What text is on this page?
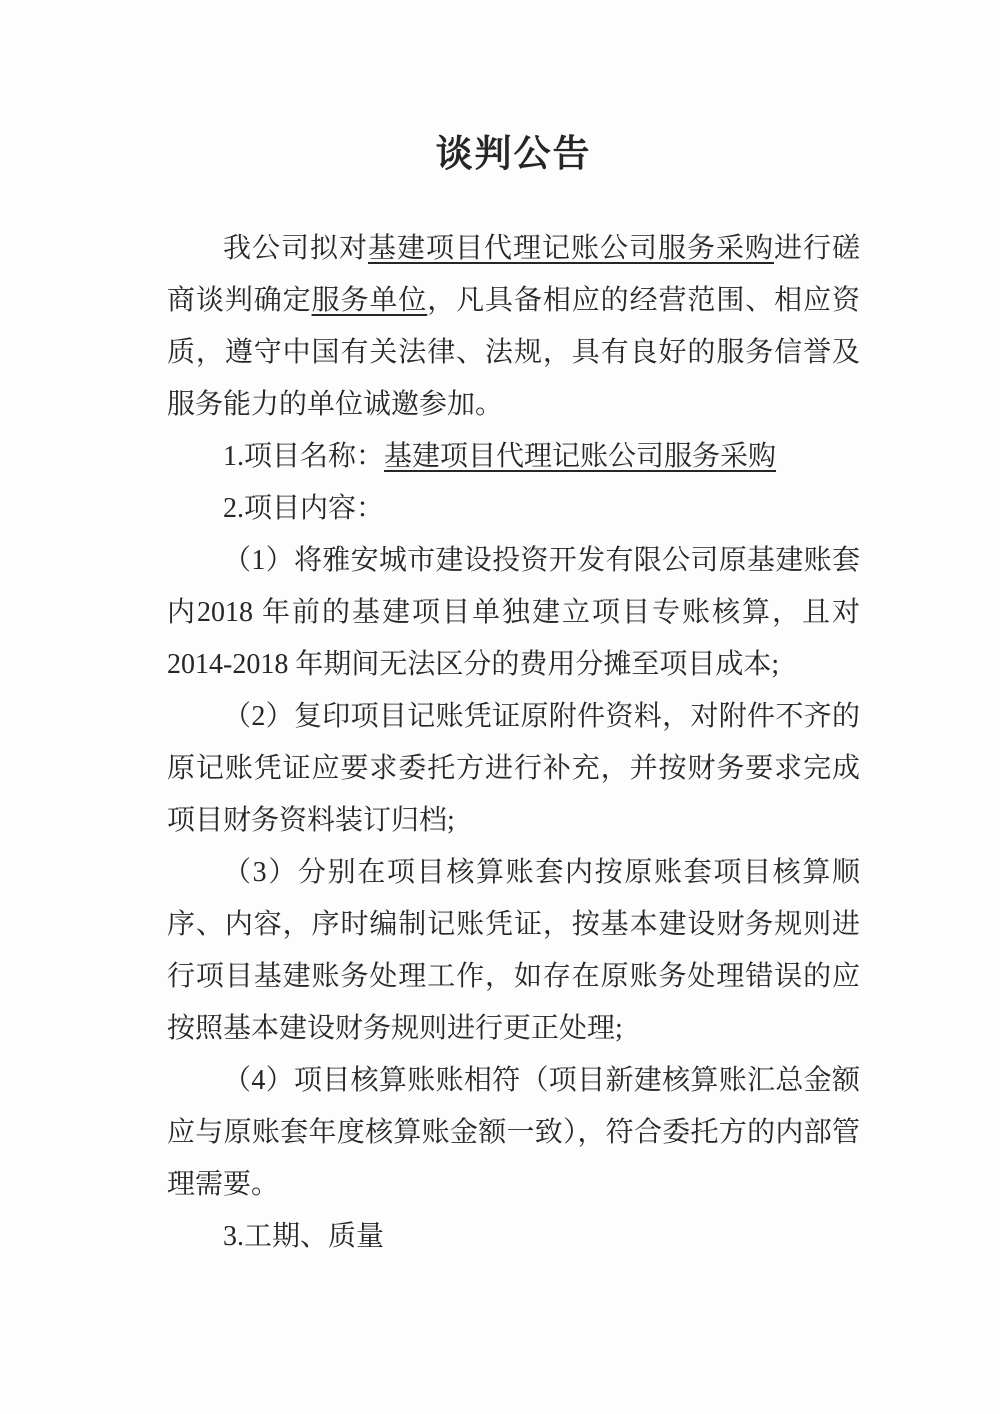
谈判公告

我公司拟对基建项目代理记账公司服务采购进行磋商谈判确定服务单位，凡具备相应的经营范围、相应资质，遵守中国有关法律、法规，具有良好的服务信誉及服务能力的单位诚邀参加。

1.项目名称：基建项目代理记账公司服务采购

2.项目内容：

（1）将雅安城市建设投资开发有限公司原基建账套内2018 年前的基建项目单独建立项目专账核算，且对2014-2018 年期间无法区分的费用分摊至项目成本;

（2）复印项目记账凭证原附件资料，对附件不齐的原记账凭证应要求委托方进行补充，并按财务要求完成项目财务资料装订归档;

（3）分别在项目核算账套内按原账套项目核算顺序、内容，序时编制记账凭证，按基本建设财务规则进行项目基建账务处理工作，如存在原账务处理错误的应按照基本建设财务规则进行更正处理;

（4）项目核算账账相符（项目新建核算账汇总金额应与原账套年度核算账金额一致），符合委托方的内部管理需要。

3.工期、质量
